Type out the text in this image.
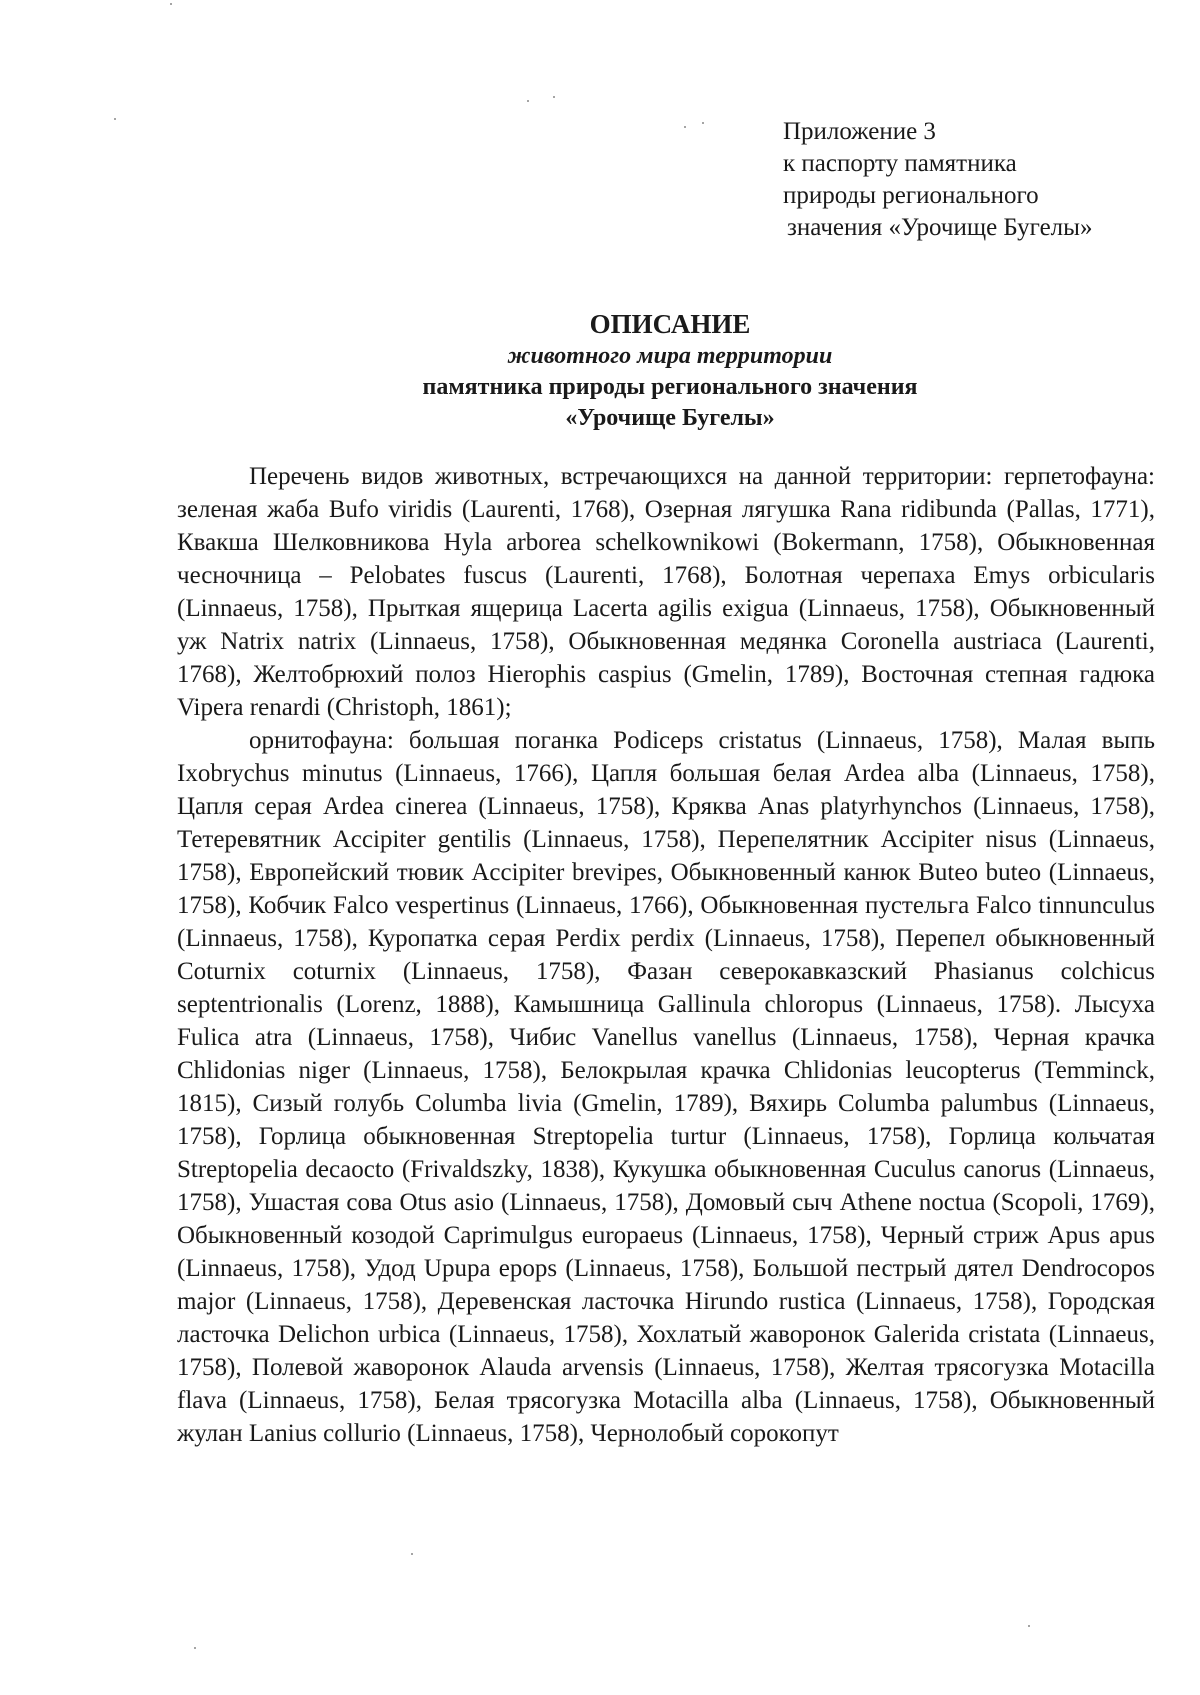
Приложение 3
к паспорту памятника
природы регионального
значения «Урочище Бугелы»
ОПИСАНИЕ
животного мира территории
памятника природы регионального значения
«Урочище Бугелы»

Перечень видов животных, встречающихся на данной территории: герпетофауна: зеленая жаба Bufo viridis (Laurenti, 1768), Озерная лягушка Rana ridibunda (Pallas, 1771), Квакша Шелковникова Hyla arborea schelkownikowi (Bokermann, 1758), Обыкновенная чесночница – Pelobates fuscus (Laurenti, 1768), Болотная черепаха Emys orbicularis (Linnaeus, 1758), Прыткая ящерица Lacerta agilis exigua (Linnaeus, 1758), Обыкновенный уж Natrix natrix (Linnaeus, 1758), Обыкновенная медянка Coronella austriaca (Laurenti, 1768), Желтобрюхий полоз Hierophis caspius (Gmelin, 1789), Восточная степная гадюка Vipera renardi (Christoph, 1861);

орнитофауна: большая поганка Podiceps cristatus (Linnaeus, 1758), Малая выпь Ixobrychus minutus (Linnaeus, 1766), Цапля большая белая Ardea alba (Linnaeus, 1758), Цапля серая Ardea cinerea (Linnaeus, 1758), Кряква Anas platyrhynchos (Linnaeus, 1758), Тетеревятник Accipiter gentilis (Linnaeus, 1758), Перепелятник Accipiter nisus (Linnaeus, 1758), Европейский тювик Accipiter brevipes, Обыкновенный канюк Buteo buteo (Linnaeus, 1758), Кобчик Falco vespertinus (Linnaeus, 1766), Обыкновенная пустельга Falco tinnunculus (Linnaeus, 1758), Куропатка серая Perdix perdix (Linnaeus, 1758), Перепел обыкновенный Coturnix coturnix (Linnaeus, 1758), Фазан северокавказский Phasianus colchicus septentrionalis (Lorenz, 1888), Камышница Gallinula chloropus (Linnaeus, 1758). Лысуха Fulica atra (Linnaeus, 1758), Чибис Vanellus vanellus (Linnaeus, 1758), Черная крачка Chlidonias niger (Linnaeus, 1758), Белокрылая крачка Chlidonias leucopterus (Temminck, 1815), Сизый голубь Columba livia (Gmelin, 1789), Вяхирь Columba palumbus (Linnaeus, 1758), Горлица обыкновенная Streptopelia turtur (Linnaeus, 1758), Горлица кольчатая Streptopelia decaocto (Frivaldszky, 1838), Кукушка обыкновенная Cuculus canorus (Linnaeus, 1758), Ушастая сова Otus asio (Linnaeus, 1758), Домовый сыч Athene noctua (Scopoli, 1769), Обыкновенный козодой Caprimulgus europaeus (Linnaeus, 1758), Черный стриж Apus apus (Linnaeus, 1758), Удод Upupa epops (Linnaeus, 1758), Большой пестрый дятел Dendrocopos major (Linnaeus, 1758), Деревенская ласточка Hirundo rustica (Linnaeus, 1758), Городская ласточка Delichon urbica (Linnaeus, 1758), Хохлатый жаворонок Galerida cristata (Linnaeus, 1758), Полевой жаворонок Alauda arvensis (Linnaeus, 1758), Желтая трясогузка Motacilla flava (Linnaeus, 1758), Белая трясогузка Motacilla alba (Linnaeus, 1758), Обыкновенный жулан Lanius collurio (Linnaeus, 1758), Чернолобый сорокопут
